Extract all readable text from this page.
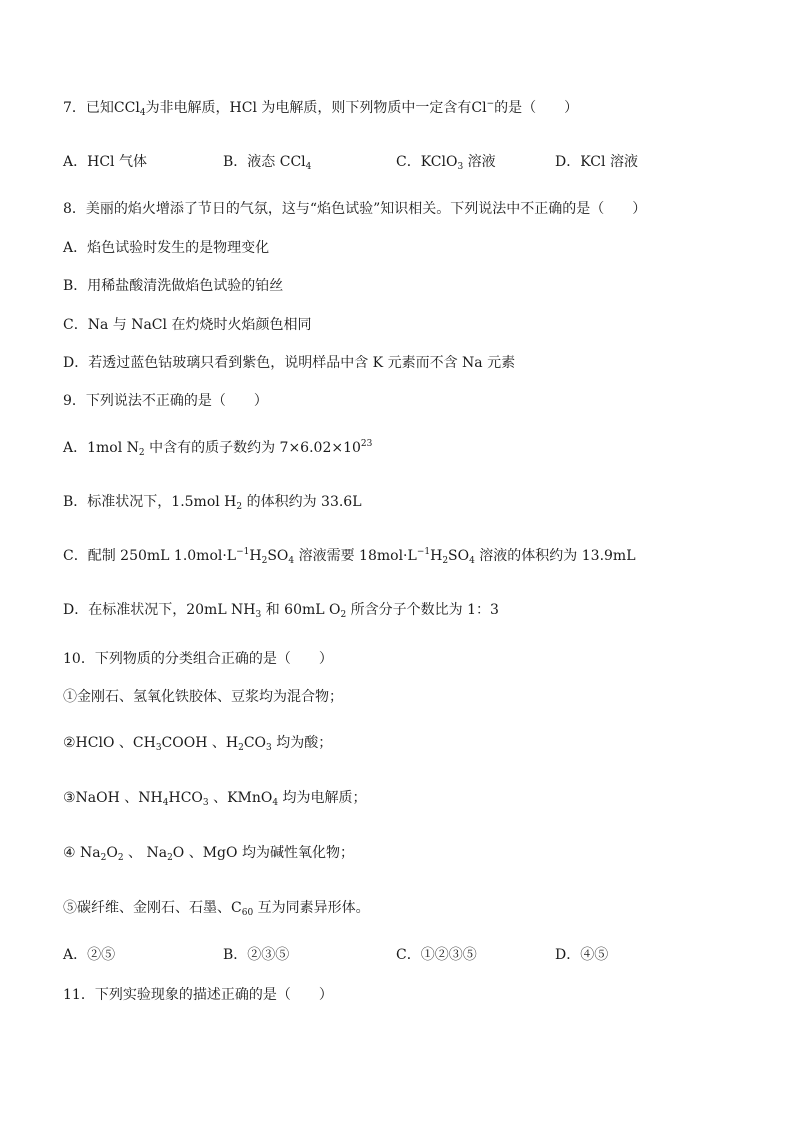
7．已知CCl$_4$为非电解质，HCl 为电解质，则下列物质中一定含有Cl−的是（　　）
A．HCl 气体	B．液态 CCl$_4$	C．KClO$_3$ 溶液	D．KCl 溶液
8．美丽的焰火增添了节日的气氛，这与“焰色试验”知识相关。下列说法中不正确的是（　　）
A．焰色试验时发生的是物理变化
B．用稀盐酸清洗做焰色试验的铂丝
C．Na 与 NaCl 在灼烧时火焰颜色相同
D．若透过蓝色钴玻璃只看到紫色，说明样品中含 K 元素而不含 Na 元素
9．下列说法不正确的是（　　）
A．1mol $N_2$ 中含有的质子数约为 $7\times 6.02\times 10^{23}$
B．标准状况下，1.5mol $H_2$ 的体积约为 33.6L
C．配制 250mL $1.0mol\cdot L^{-1}H_2SO_4$ 溶液需要 $18mol\cdot L^{-1}H_2SO_4$ 溶液的体积约为 13.9mL
D．在标准状况下，20mL $NH_3$ 和 60mL $O_2$ 所含分子个数比为 1：3
10．下列物质的分类组合正确的是（　　）
①金刚石、氢氧化铁胶体、豆浆均为混合物；
②HClO 、$CH_3COOH$ 、$H_2CO_3$ 均为酸；
③NaOH 、$NH_4HCO_3$ 、KMnO$_4$ 均为电解质；
④ $Na_2O_2$ 、 $Na_2O$ 、MgO 均为碱性氧化物；
⑤碳纤维、金刚石、石墨、$C_{60}$ 互为同素异形体。
A．②⑤	B．②③⑤	C．①②③⑤	D．④⑤
11．下列实验现象的描述正确的是（　　）
